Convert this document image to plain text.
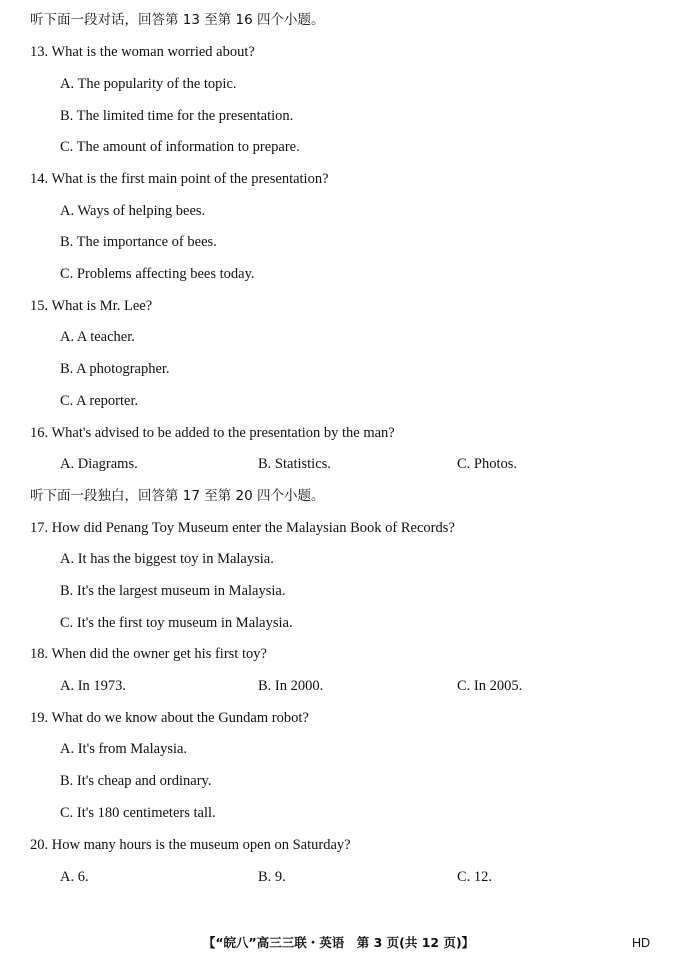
听下面一段对话，回答第 13 至第 16 四个小题。
13. What is the woman worried about?
A. The popularity of the topic.
B. The limited time for the presentation.
C. The amount of information to prepare.
14. What is the first main point of the presentation?
A. Ways of helping bees.
B. The importance of bees.
C. Problems affecting bees today.
15. What is Mr. Lee?
A. A teacher.
B. A photographer.
C. A reporter.
16. What's advised to be added to the presentation by the man?
A. Diagrams.	B. Statistics.	C. Photos.
听下面一段独白，回答第 17 至第 20 四个小题。
17. How did Penang Toy Museum enter the Malaysian Book of Records?
A. It has the biggest toy in Malaysia.
B. It's the largest museum in Malaysia.
C. It's the first toy museum in Malaysia.
18. When did the owner get his first toy?
A. In 1973.	B. In 2000.	C. In 2005.
19. What do we know about the Gundam robot?
A. It's from Malaysia.
B. It's cheap and ordinary.
C. It's 180 centimeters tall.
20. How many hours is the museum open on Saturday?
A. 6.	B. 9.	C. 12.
【“皖八”高三三联・英语　第 3 页(共 12 页)】	HD
